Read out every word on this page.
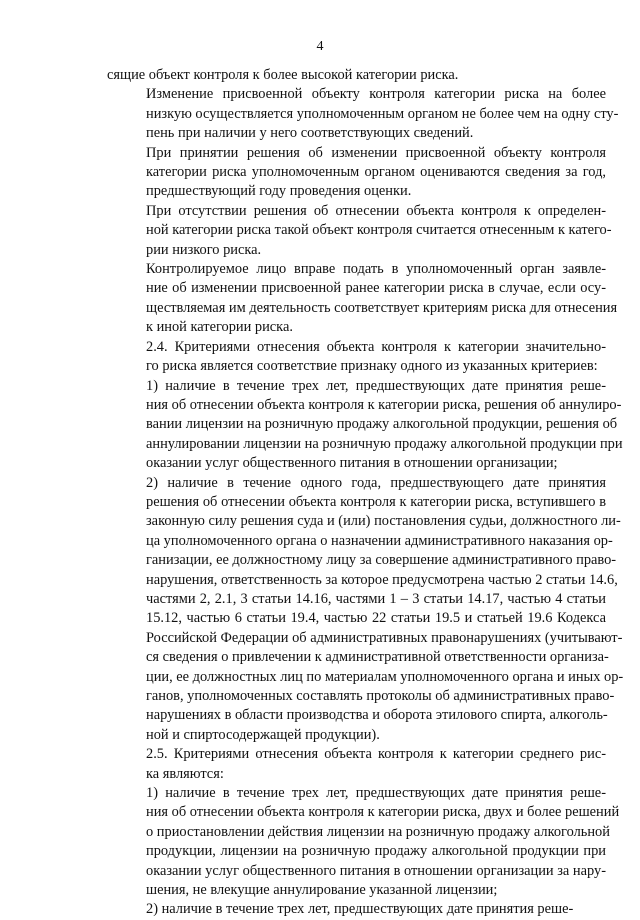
4

сящие объект контроля к более высокой категории риска.

Изменение присвоенной объекту контроля категории риска на более
низкую осуществляется уполномоченным органом не более чем на одну сту-
пень при наличии у него соответствующих сведений.

При принятии решения об изменении присвоенной объекту контроля
категории риска уполномоченным органом оцениваются сведения за год,
предшествующий году проведения оценки.

При отсутствии решения об отнесении объекта контроля к определен-
ной категории риска такой объект контроля считается отнесенным к катего-
рии низкого риска.

Контролируемое лицо вправе подать в уполномоченный орган заявле-
ние об изменении присвоенной ранее категории риска в случае, если осу-
ществляемая им деятельность соответствует критериям риска для отнесения
к иной категории риска.

2.4. Критериями отнесения объекта контроля к категории значительно-
го риска является соответствие признаку одного из указанных критериев:

1) наличие в течение трех лет, предшествующих дате принятия реше-
ния об отнесении объекта контроля к категории риска, решения об аннулиро-
вании лицензии на розничную продажу алкогольной продукции, решения об
аннулировании лицензии на розничную продажу алкогольной продукции при
оказании услуг общественного питания в отношении организации;

2) наличие в течение одного года, предшествующего дате принятия
решения об отнесении объекта контроля к категории риска, вступившего в
законную силу решения суда и (или) постановления судьи, должностного ли-
ца уполномоченного органа о назначении административного наказания ор-
ганизации, ее должностному лицу за совершение административного право-
нарушения, ответственность за которое предусмотрена частью 2 статьи 14.6,
частями 2, 2.1, 3 статьи 14.16, частями 1 – 3 статьи 14.17, частью 4 статьи
15.12, частью 6 статьи 19.4, частью 22 статьи 19.5 и статьей 19.6 Кодекса
Российской Федерации об административных правонарушениях (учитывают-
ся сведения о привлечении к административной ответственности организа-
ции, ее должностных лиц по материалам уполномоченного органа и иных ор-
ганов, уполномоченных составлять протоколы об административных право-
нарушениях в области производства и оборота этилового спирта, алкоголь-
ной и спиртосодержащей продукции).

2.5. Критериями отнесения объекта контроля к категории среднего рис-
ка являются:

1) наличие в течение трех лет, предшествующих дате принятия реше-
ния об отнесении объекта контроля к категории риска, двух и более решений
о приостановлении действия лицензии на розничную продажу алкогольной
продукции, лицензии на розничную продажу алкогольной продукции при
оказании услуг общественного питания в отношении организации за нару-
шения, не влекущие аннулирование указанной лицензии;

2) наличие в течение трех лет, предшествующих дате принятия реше-
